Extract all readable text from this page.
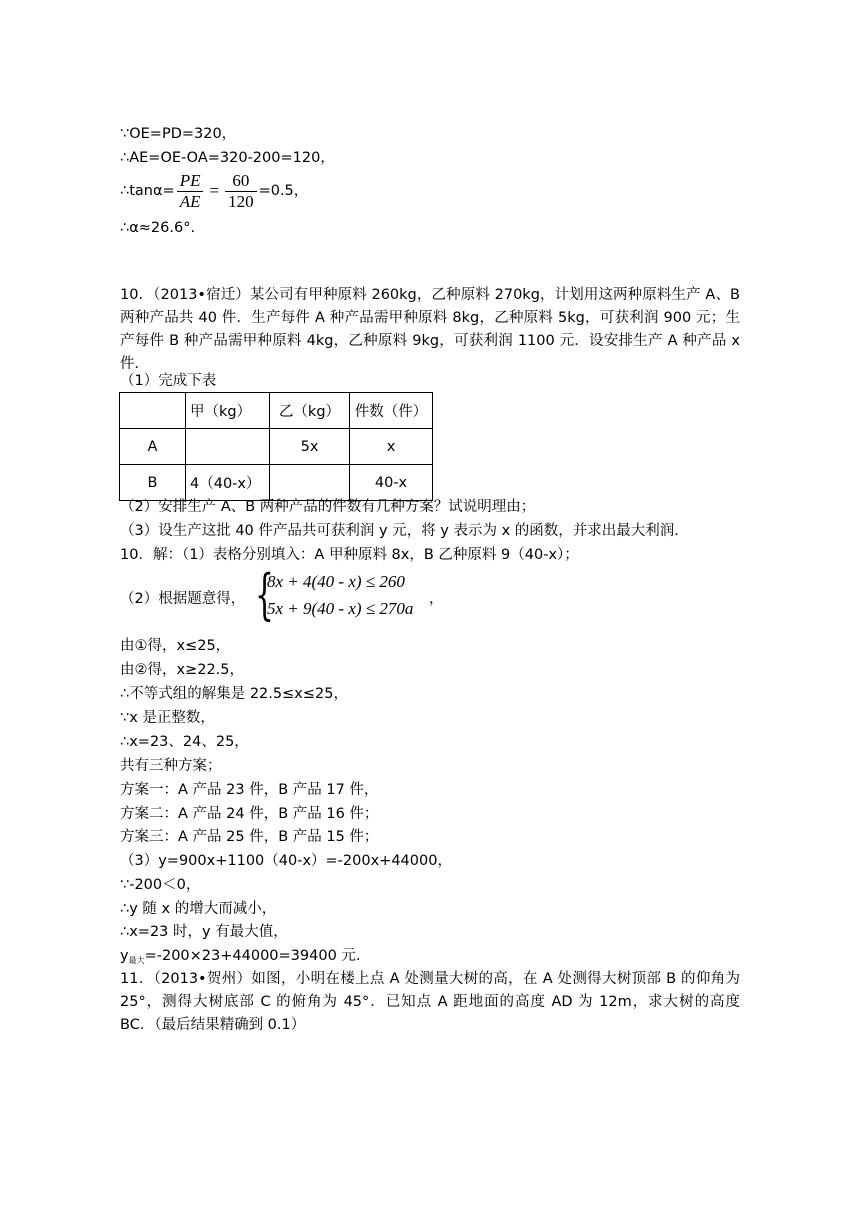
∵OE=PD=320，
∴AE=OE-OA=320-200=120，
∴tanα= $\frac{PE}{AE} = \frac{60}{120} =0.5$，
∴α≈26.6°.
10．（2013•宿迁）某公司有甲种原料 260kg，乙种原料 270kg，计划用这两种原料生产 A、B 两种产品共 40 件．生产每件 A 种产品需甲种原料 8kg，乙种原料 5kg，可获利润 900 元；生产每件 B 种产品需甲种原料 4kg，乙种原料 9kg，可获利润 1100 元．设安排生产 A 种产品 x 件．
（1）完成下表
	甲（kg）	乙（kg）	件数（件）
A		5x	x
B	4（40-x）		40-x
（2）安排生产 A、B 两种产品的件数有几种方案？试说明理由；
（3）设生产这批 40 件产品共可获利润 y 元，将 y 表示为 x 的函数，并求出最大利润.
10．解：（1）表格分别填入：A 甲种原料 8x，B 乙种原料 9（40-x）；
（2）根据题意得， {
8x + 4(40 - x) ≤ 260
5x + 9(40 - x) ≤ 270a ，
由①得，x≤25，
由②得，x≥22.5，
∴不等式组的解集是 22.5≤x≤25，
∵x 是正整数，
∴x=23、24、25，
共有三种方案；
方案一：A 产品 23 件，B 产品 17 件，
方案二：A 产品 24 件，B 产品 16 件；
方案三：A 产品 25 件，B 产品 15 件；
（3）y=900x+1100（40-x）=-200x+44000，
∵-200＜0，
∴y 随 x 的增大而减小，
∴x=23 时，y 有最大值，
$y_{最大}=-200\times 23+44000=39400$ 元.
11．（2013•贺州）如图，小明在楼上点 A 处测量大树的高，在 A 处测得大树顶部 B 的仰角为 25°，测得大树底部 C 的俯角为 45°．已知点 A 距地面的高度 AD 为 12m，求大树的高度 BC．（最后结果精确到 0.1）
